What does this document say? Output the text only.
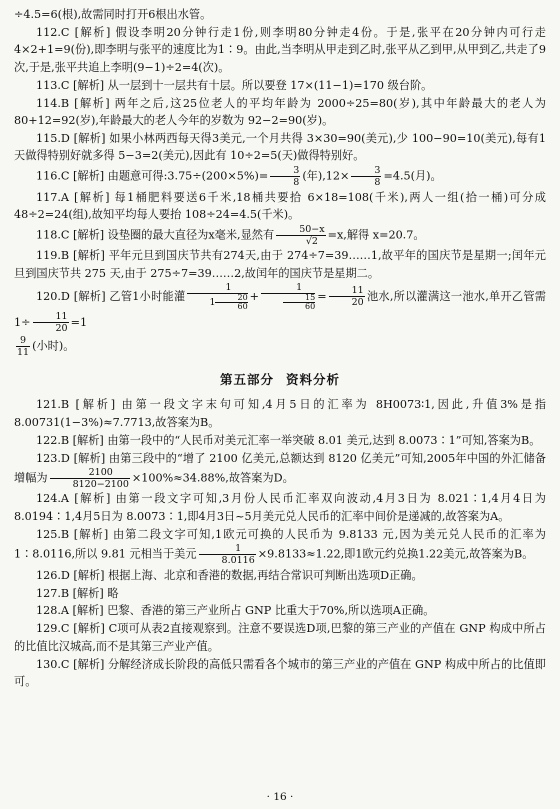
÷4.5=6(根),故需同时打开6根出水管。

112.C [解析] 假设李明20分钟行走1份,则李明80分钟走4份。于是,张平在20分钟内可行走4×2+1=9(份),即李明与张平的速度比为1∶9。由此,当李明从甲走到乙时,张平从乙到甲,从甲到乙,共走了9次,于是,张平共追上李明(9−1)÷2=4(次)。

113.C [解析] 从一层到十一层共有十层。所以要登 17×(11−1)=170 级台阶。

114.B [解析] 两年之后,这25位老人的平均年龄为 2000÷25=80(岁),其中年龄最大的老人为 80+12=92(岁),年龄最大的老人今年的岁数为 92−2=90(岁)。

115.D [解析] 如果小林两西每天得3美元,一个月共得 3×30=90(美元),少 100−90=10(美元),每有1天做得特别好就多得 5−3=2(美元),因此有 10÷2=5(天)做得特别好。

116.C [解析] 由题意可得:3.75÷(200×5%)= $\frac{3}{8}$ (年)$,12\times \frac{3}{8} =4.5$(月)。

117.A [解析] 每1桶肥料要送6千米,18桶共要拾 6×18=108(千米),两人一组(拾一桶)可分成 48÷2=24(组),故知平均每人要抬 108÷24=4.5(千米)。

118.C [解析] 设垫圈的最大直径为x毫米,显然有 $\frac{50-x}{√2} =x$,解得 x=20.7。

119.B [解析] 平年元旦到国庆节共有274天,由于 274÷7=39……1,故平年的国庆节是星期一;闰年元旦到国庆节共 275 天,由于 275÷7=39……2,故闰年的国庆节是星期二。

120.D [解析] 乙管1小时能灌 $\frac{1}{1 \frac{20}{60}} + \frac{1}{\frac{15}{60}} = \frac{11}{20}$ 池水,所以灌满这一池水,单开乙管需$1\div \frac{11}{20} =1$

$\frac{9}{11}$ (小时)。

第五部分 资料分析

121.B [解析] 由第一段文字末句可知,4月5日的汇率为 8H0073∶1,因此,升值3%是指 8.00731(1−3%)≈7.7713,故答案为B。

122.B [解析] 由第一段中的“人民币对美元汇率一举突破 8.01 美元,达到 8.0073∶1”可知,答案为B。

123.D [解析] 由第三段中的“增了 2100 亿美元,总额达到 8120 亿美元”可知,2005年中国的外汇储备增幅为 $\frac{2100}{8120-2100} \times 100\%\approx 34.88\%$,故答案为D。

124.A [解析] 由第一段文字可知,3月份人民币汇率双向波动,4月3日为 8.021∶1,4月4日为 8.0194∶1,4月5日为 8.0073∶1,即4月3日~5月美元兑人民币的汇率中间价是递减的,故答案为A。

125.B [解析] 由第二段文字可知,1欧元可换的人民币为 9.8133 元,因为美元兑人民币的汇率为 1∶8.0116,所以 9.81 元相当于美元 $\frac{1}{8.0116} \times 9.8133\approx 1.22$,即1欧元约兑换1.22美元,故答案为B。

126.D [解析] 根据上海、北京和香港的数据,再结合常识可判断出选项D正确。

127.B [解析] 略

128.A [解析] 巴黎、香港的第三产业所占 GNP 比重大于70%,所以选项A正确。

129.C [解析] C项可从表2直接观察到。注意不要误选D项,巴黎的第三产业的产值在 GNP 构成中所占的比值比汉城高,而不是其第三产业产值。

130.C [解析] 分解经济成长阶段的高低只需看各个城市的第三产业的产值在 GNP 构成中所占的比值即可。

· 16 ·
